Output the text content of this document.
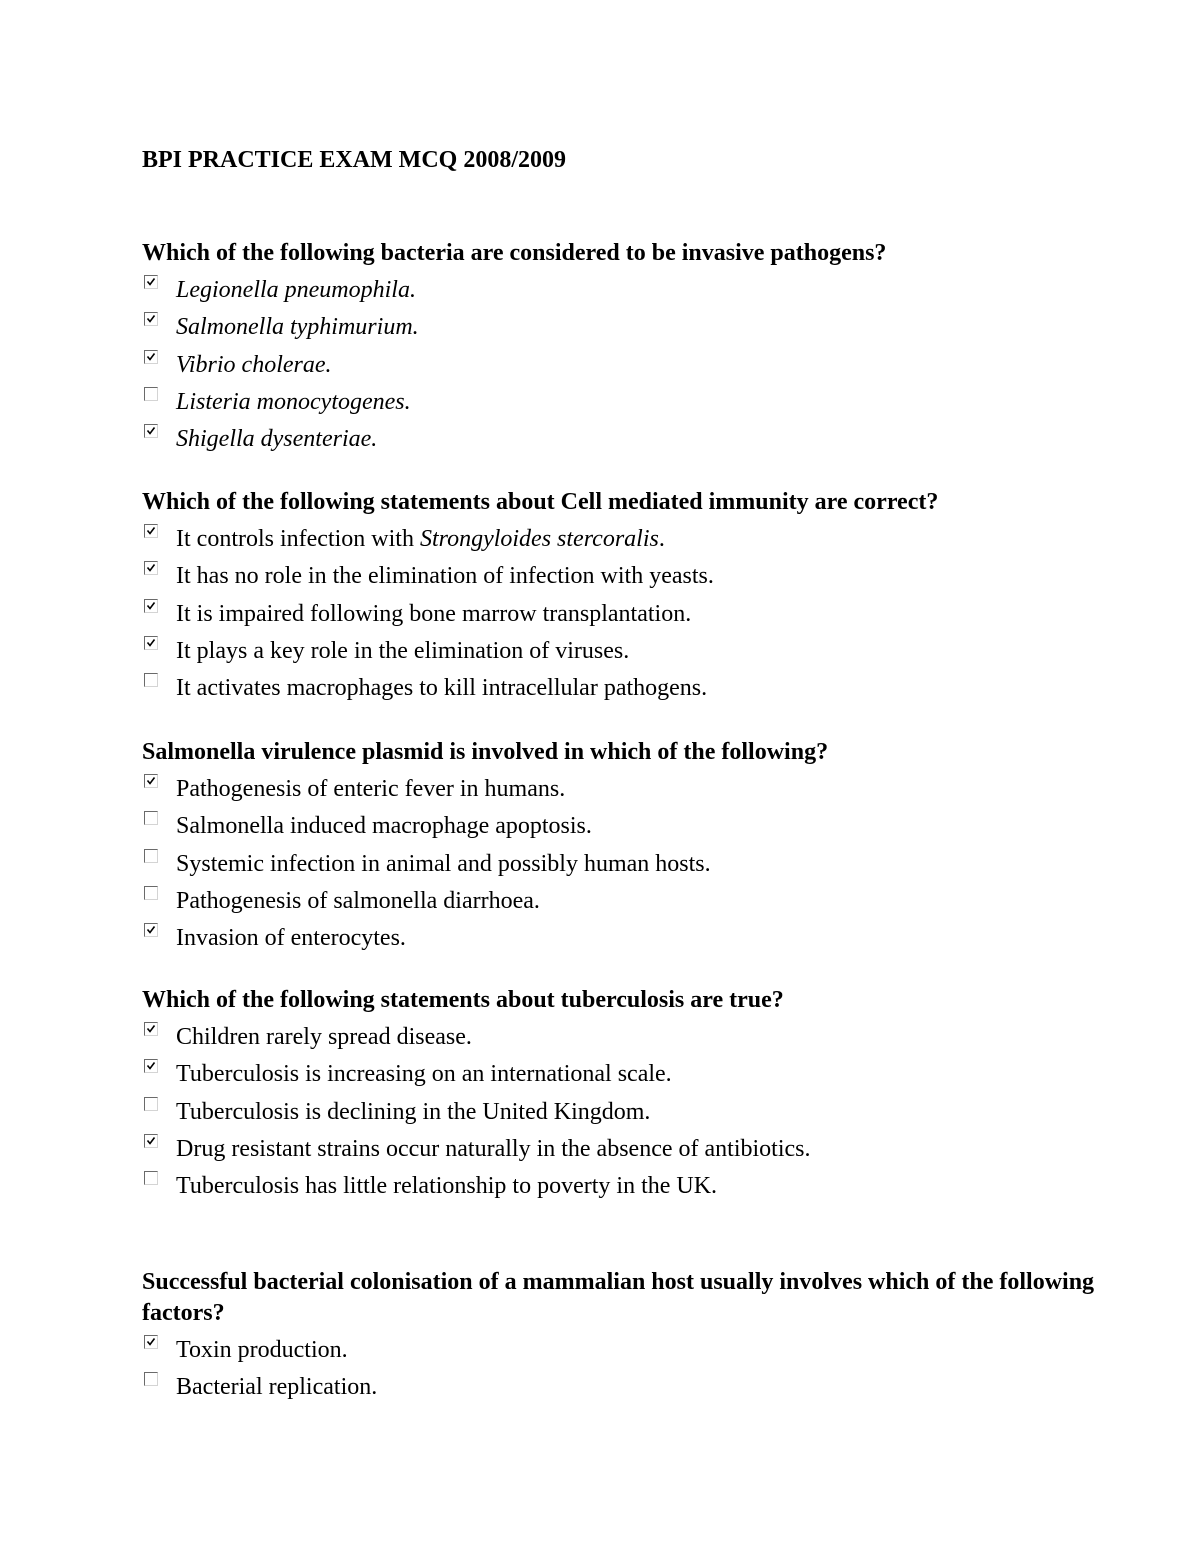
BPI PRACTICE EXAM MCQ 2008/2009
Which of the following bacteria are considered to be invasive pathogens?
Legionella pneumophila.
Salmonella typhimurium.
Vibrio cholerae.
Listeria monocytogenes.
Shigella dysenteriae.
Which of the following statements about Cell mediated immunity are correct?
It controls infection with Strongyloides stercoralis.
It has no role in the elimination of infection with yeasts.
It is impaired following bone marrow transplantation.
It plays a key role in the elimination of viruses.
It activates macrophages to kill intracellular pathogens.
Salmonella virulence plasmid is involved in which of the following?
Pathogenesis of enteric fever in humans.
Salmonella induced macrophage apoptosis.
Systemic infection in animal and possibly human hosts.
Pathogenesis of salmonella diarrhoea.
Invasion of enterocytes.
Which of the following statements about tuberculosis are true?
Children rarely spread disease.
Tuberculosis is increasing on an international scale.
Tuberculosis is declining in the United Kingdom.
Drug resistant strains occur naturally in the absence of antibiotics.
Tuberculosis has little relationship to poverty in the UK.
Successful bacterial colonisation of a mammalian host usually involves which of the following factors?
Toxin production.
Bacterial replication.
